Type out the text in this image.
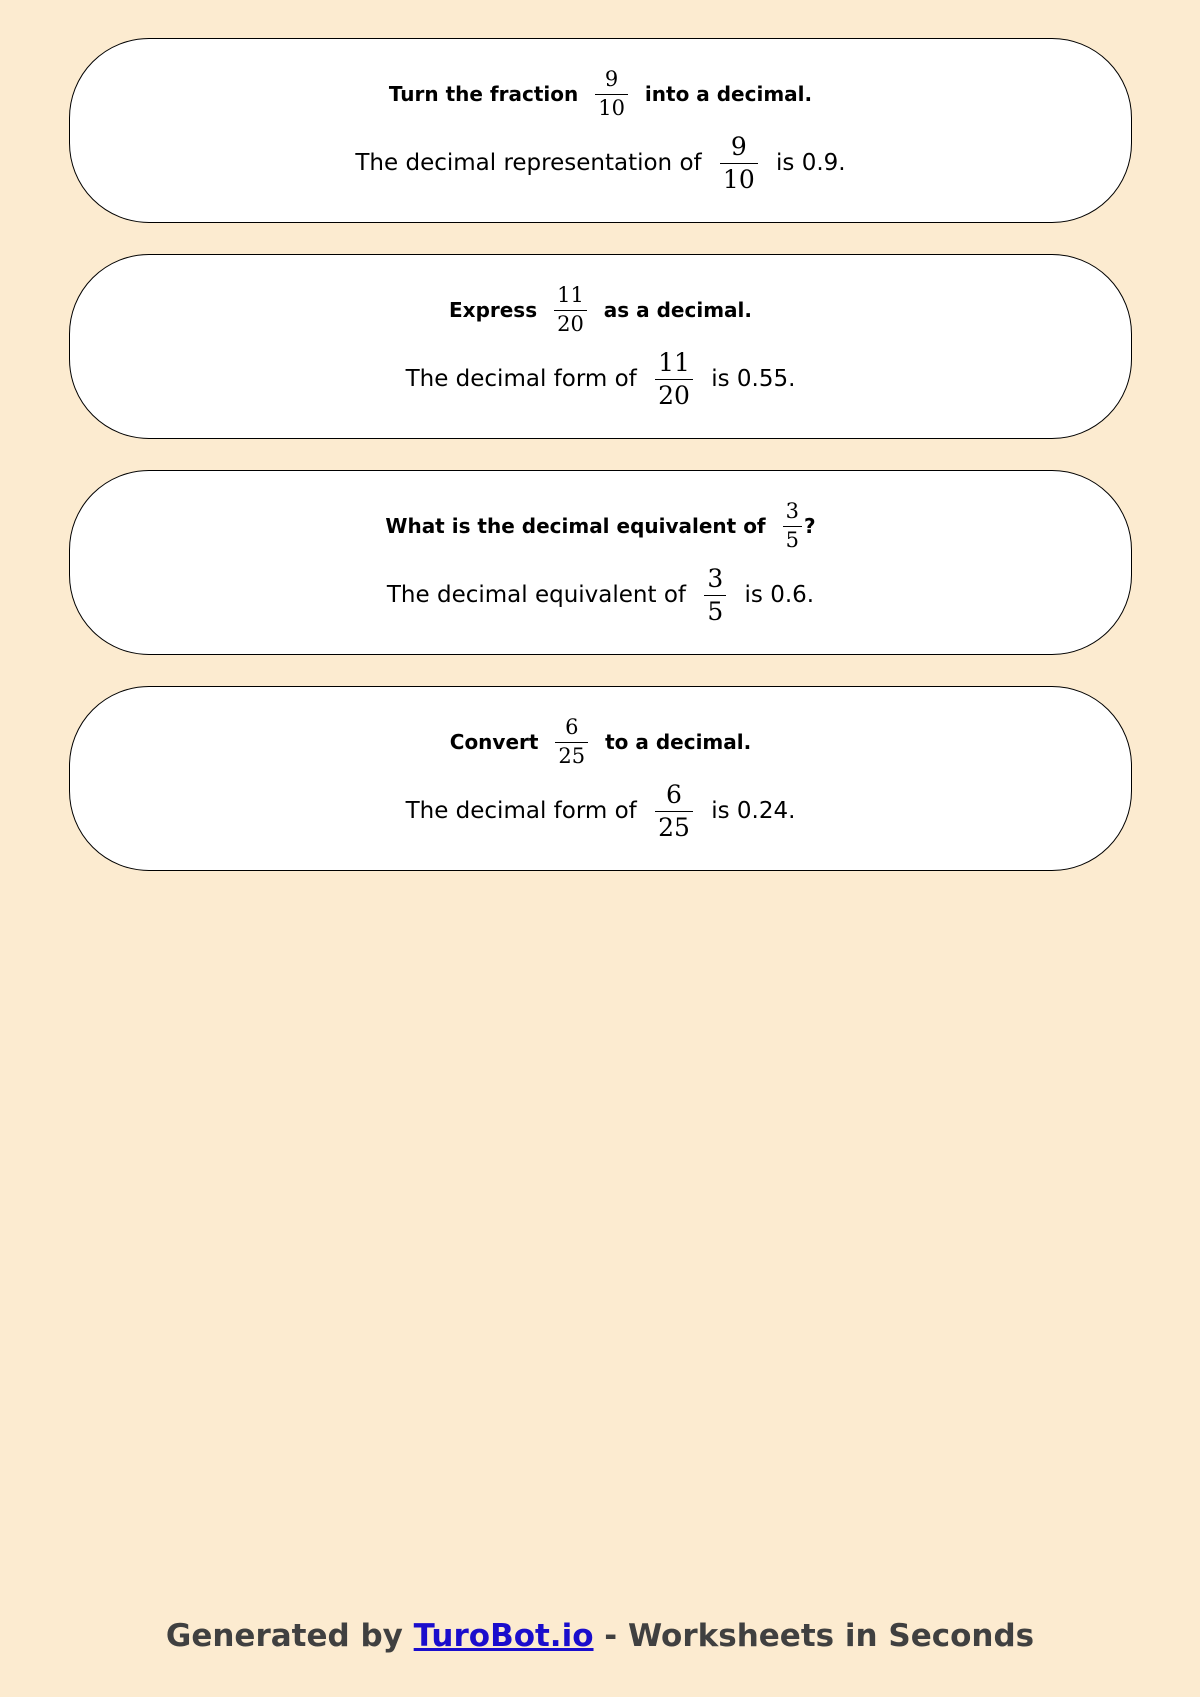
Turn the fraction $\frac{9}{10}$ into a decimal.
The decimal representation of $\frac{9}{10}$ is 0.9.
Express $\frac{11}{20}$ as a decimal.
The decimal form of $\frac{11}{20}$ is 0.55.
What is the decimal equivalent of $\frac{3}{5}$ ?
The decimal equivalent of $\frac{3}{5}$ is 0.6.
Convert $\frac{6}{25}$ to a decimal.
The decimal form of $\frac{6}{25}$ is 0.24.
Generated by TuroBot.io - Worksheets in Seconds
